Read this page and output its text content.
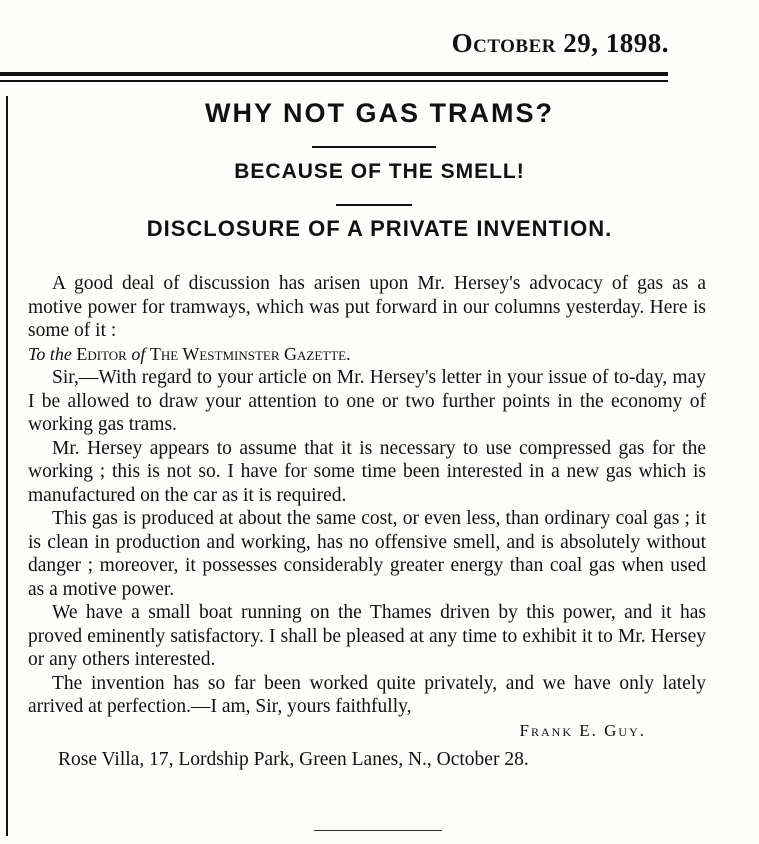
October 29, 1898.
WHY NOT GAS TRAMS?
BECAUSE OF THE SMELL!
DISCLOSURE OF A PRIVATE INVENTION.

A good deal of discussion has arisen upon Mr. Hersey's advocacy of gas as a motive power for tramways, which was put forward in our columns yesterday. Here is some of it :

To the Editor of The Westminster Gazette.

Sir,—With regard to your article on Mr. Hersey's letter in your issue of to-day, may I be allowed to draw your attention to one or two further points in the economy of working gas trams.

Mr. Hersey appears to assume that it is necessary to use compressed gas for the working ; this is not so. I have for some time been interested in a new gas which is manufactured on the car as it is required.

This gas is produced at about the same cost, or even less, than ordinary coal gas ; it is clean in production and working, has no offensive smell, and is absolutely without danger ; moreover, it possesses considerably greater energy than coal gas when used as a motive power.

We have a small boat running on the Thames driven by this power, and it has proved eminently satisfactory. I shall be pleased at any time to exhibit it to Mr. Hersey or any others interested.

The invention has so far been worked quite privately, and we have only lately arrived at perfection.—I am, Sir, yours faithfully,

Frank E. Guy.

Rose Villa, 17, Lordship Park, Green Lanes, N., October 28.
